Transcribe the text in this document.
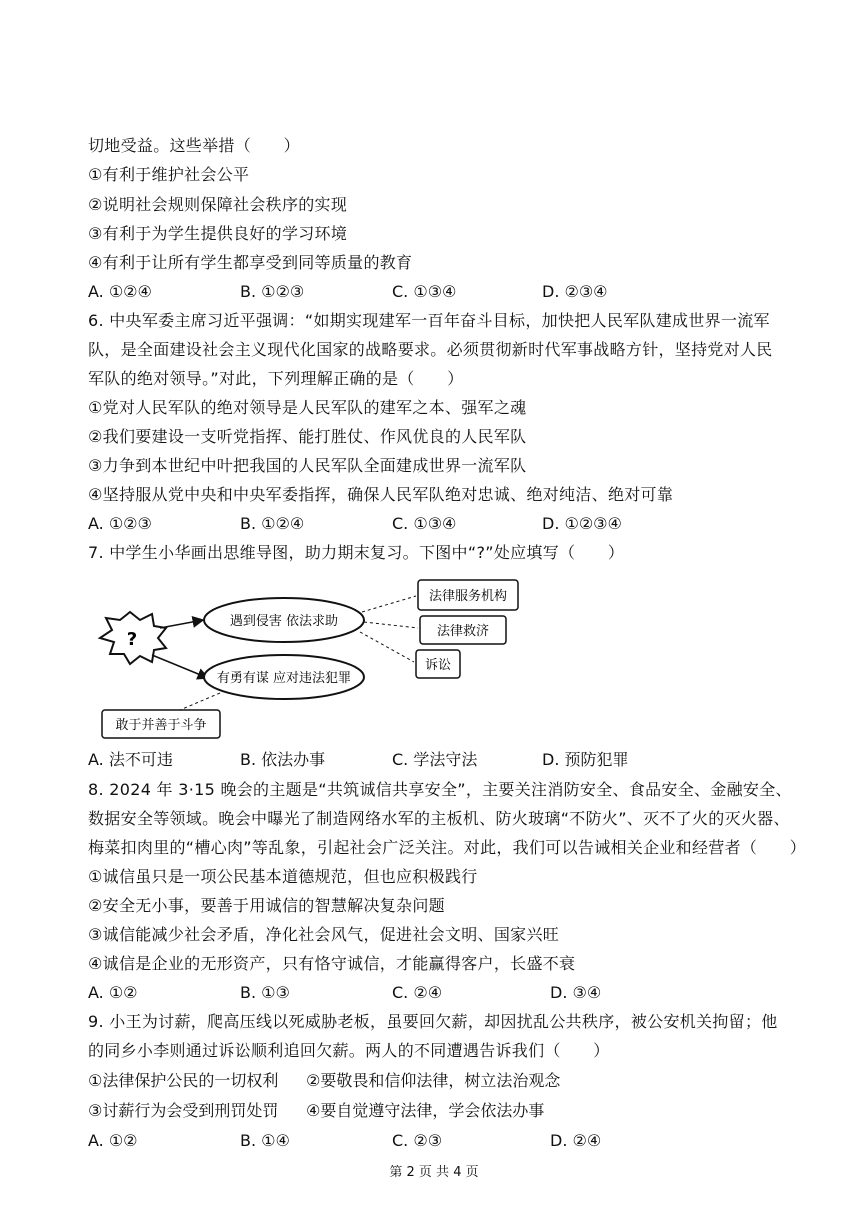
切地受益。这些举措（　　）
①有利于维护社会公平
②说明社会规则保障社会秩序的实现
③有利于为学生提供良好的学习环境
④有利于让所有学生都享受到同等质量的教育
A. ①②④	B. ①②③	C. ①③④	D. ②③④
6. 中央军委主席习近平强调：“如期实现建军一百年奋斗目标，加快把人民军队建成世界一流军
队，是全面建设社会主义现代化国家的战略要求。必须贯彻新时代军事战略方针，坚持党对人民
军队的绝对领导。”对此，下列理解正确的是（　　）
①党对人民军队的绝对领导是人民军队的建军之本、强军之魂
②我们要建设一支听党指挥、能打胜仗、作风优良的人民军队
③力争到本世纪中叶把我国的人民军队全面建成世界一流军队
④坚持服从党中央和中央军委指挥，确保人民军队绝对忠诚、绝对纯洁、绝对可靠
A. ①②③	B. ①②④	C. ①③④	D. ①②③④
7. 中学生小华画出思维导图，助力期末复习。下图中“?”处应填写（　　）
?
遇到侵害 依法求助
有勇有谋 应对违法犯罪
法律服务机构
法律救济
诉讼
敢于并善于斗争
A. 法不可违	B. 依法办事	C. 学法守法	D. 预防犯罪
8. 2024 年 3·15 晚会的主题是“共筑诚信共享安全”，主要关注消防安全、食品安全、金融安全、
数据安全等领域。晚会中曝光了制造网络水军的主板机、防火玻璃“不防火”、灭不了火的灭火器、
梅菜扣肉里的“槽心肉”等乱象，引起社会广泛关注。对此，我们可以告诫相关企业和经营者（　　）
①诚信虽只是一项公民基本道德规范，但也应积极践行
②安全无小事，要善于用诚信的智慧解决复杂问题
③诚信能减少社会矛盾，净化社会风气，促进社会文明、国家兴旺
④诚信是企业的无形资产，只有恪守诚信，才能赢得客户，长盛不衰
A. ①②	B. ①③	C. ②④	D. ③④
9. 小王为讨薪，爬高压线以死威胁老板，虽要回欠薪，却因扰乱公共秩序，被公安机关拘留；他
的同乡小李则通过诉讼顺利追回欠薪。两人的不同遭遇告诉我们（　　）
①法律保护公民的一切权利 ②要敬畏和信仰法律，树立法治观念
③讨薪行为会受到刑罚处罚 ④要自觉遵守法律，学会依法办事
A. ①②	B. ①④	C. ②③	D. ②④
第 2 页 共 4 页
